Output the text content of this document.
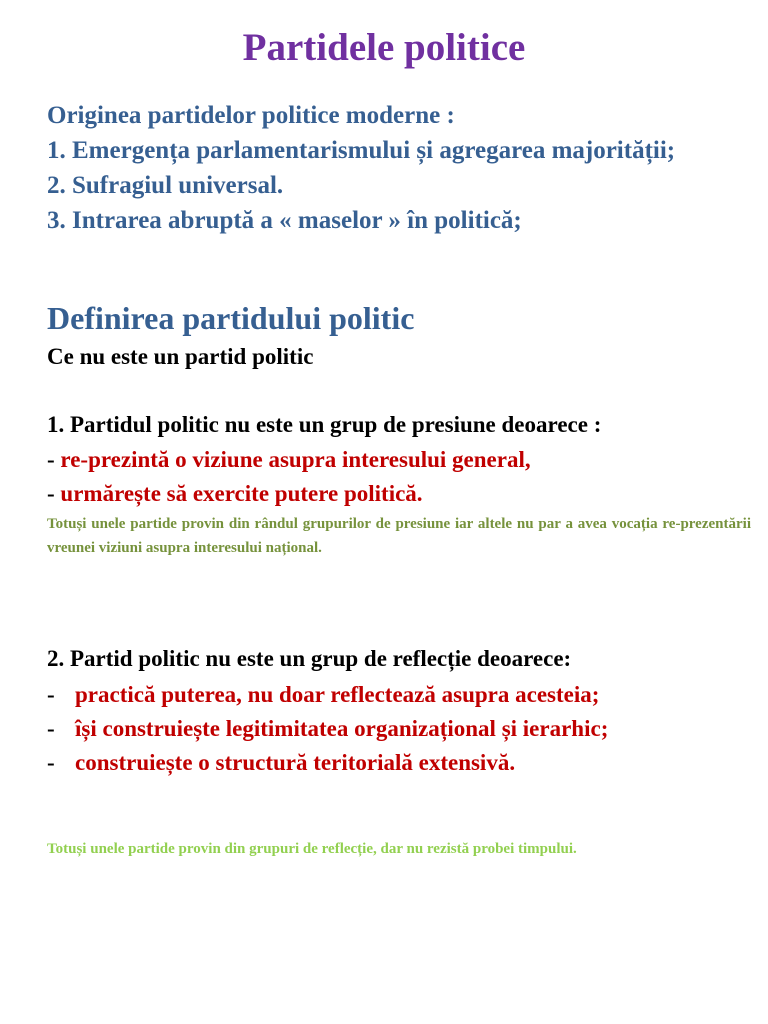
Partidele politice
Originea partidelor politice moderne :
1. Emergența parlamentarismului și agregarea majorității;
2. Sufragiul universal.
3. Intrarea abruptă a « maselor » în politică;
Definirea partidului politic
Ce nu este un partid politic
1. Partidul politic nu este un grup de presiune deoarece :
- re-prezintă o viziune asupra interesului general,
- urmărește să exercite putere politică.
Totuși unele partide provin din rândul grupurilor de presiune iar altele nu par a avea vocația re-prezentării vreunei viziuni asupra interesului național.
2. Partid politic nu este un grup de reflecție deoarece:
- practică puterea, nu doar reflectează asupra acesteia;
- își construiește legitimitatea organizațional și ierarhic;
- construiește o structură teritorială extensivă.
Totuși unele partide provin din grupuri de reflecție, dar nu rezistă probei timpului.
